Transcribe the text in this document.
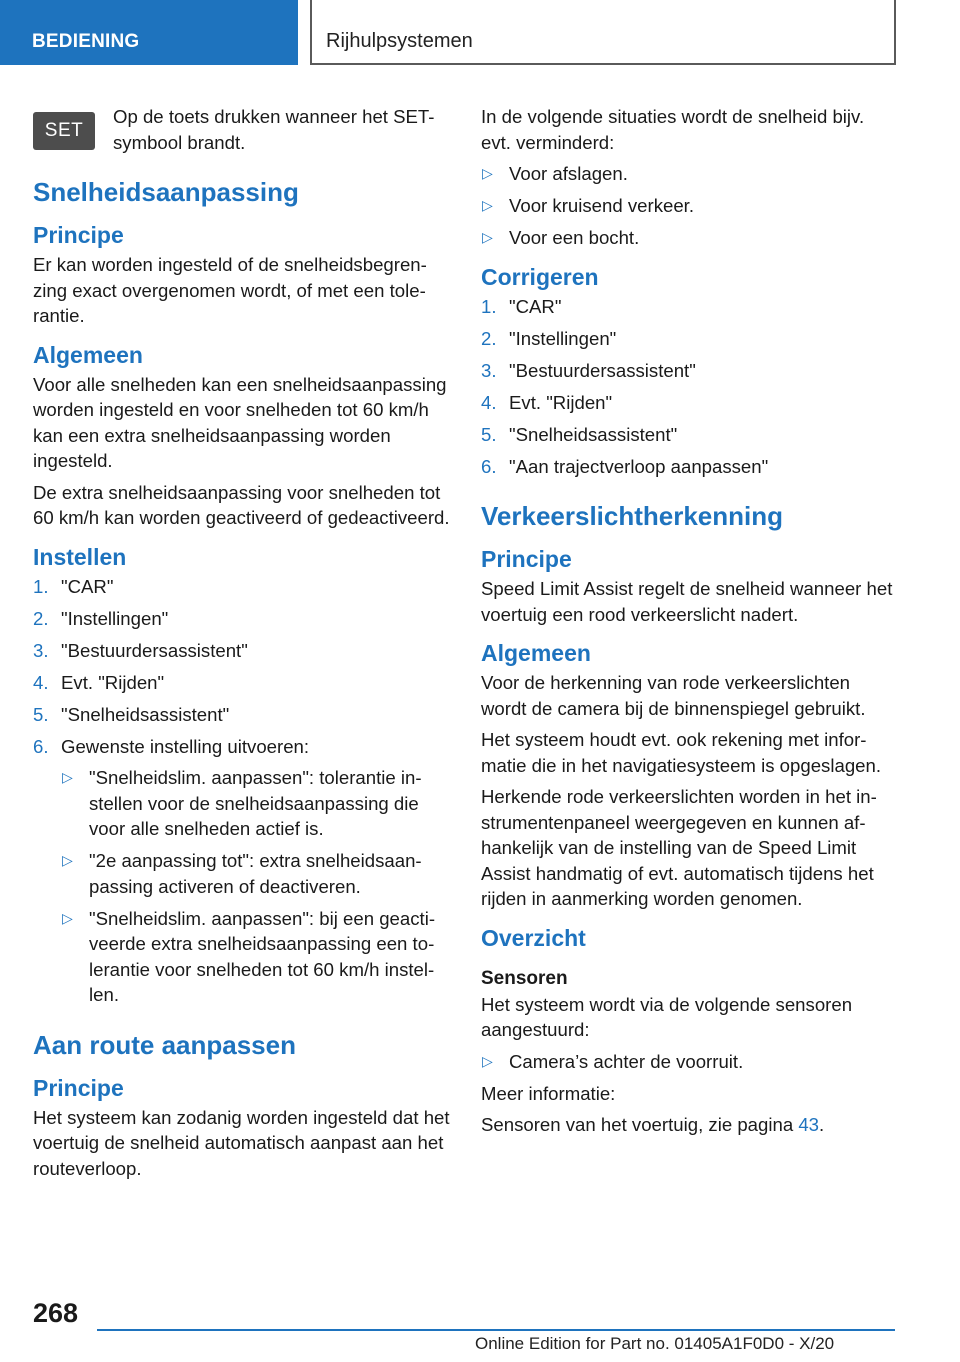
BEDIENING	Rijhulpsystemen
SET
Op de toets drukken wanneer het SET-symbool brandt.
Snelheidsaanpassing
Principe

Er kan worden ingesteld of de snelheidsbegrenzing exact overgenomen wordt, of met een tolerantie.

Algemeen

Voor alle snelheden kan een snelheidsaanpassing worden ingesteld en voor snelheden tot 60 km/h kan een extra snelheidsaanpassing worden ingesteld.

De extra snelheidsaanpassing voor snelheden tot 60 km/h kan worden geactiveerd of gedeactiveerd.

Instellen
1. "CAR"
2. "Instellingen"
3. "Bestuurdersassistent"
4. Evt. "Rijden"
5. "Snelheidsassistent"
6. Gewenste instelling uitvoeren:
▷ "Snelheidslim. aanpassen": tolerantie instellen voor de snelheidsaanpassing die voor alle snelheden actief is.
▷ "2e aanpassing tot": extra snelheidsaanpassing activeren of deactiveren.
▷ "Snelheidslim. aanpassen": bij een geactiveerde extra snelheidsaanpassing een tolerantie voor snelheden tot 60 km/h instellen.
Aan route aanpassen
Principe

Het systeem kan zodanig worden ingesteld dat het voertuig de snelheid automatisch aanpast aan het routeverloop.

In de volgende situaties wordt de snelheid bijv. evt. verminderd:

▷ Voor afslagen.
▷ Voor kruisend verkeer.
▷ Voor een bocht.
Corrigeren
1. "CAR"
2. "Instellingen"
3. "Bestuurdersassistent"
4. Evt. "Rijden"
5. "Snelheidsassistent"
6. "Aan trajectverloop aanpassen"
Verkeerslichtherkenning
Principe

Speed Limit Assist regelt de snelheid wanneer het voertuig een rood verkeerslicht nadert.

Algemeen

Voor de herkenning van rode verkeerslichten wordt de camera bij de binnenspiegel gebruikt.

Het systeem houdt evt. ook rekening met informatie die in het navigatiesysteem is opgeslagen.

Herkende rode verkeerslichten worden in het instrumentenpaneel weergegeven en kunnen afhankelijk van de instelling van de Speed Limit Assist handmatig of evt. automatisch tijdens het rijden in aanmerking worden genomen.

Overzicht
Sensoren

Het systeem wordt via de volgende sensoren aangestuurd:

▷ Camera’s achter de voorruit.

Meer informatie:

Sensoren van het voertuig, zie pagina 43.

268
Online Edition for Part no. 01405A1F0D0 - X/20
